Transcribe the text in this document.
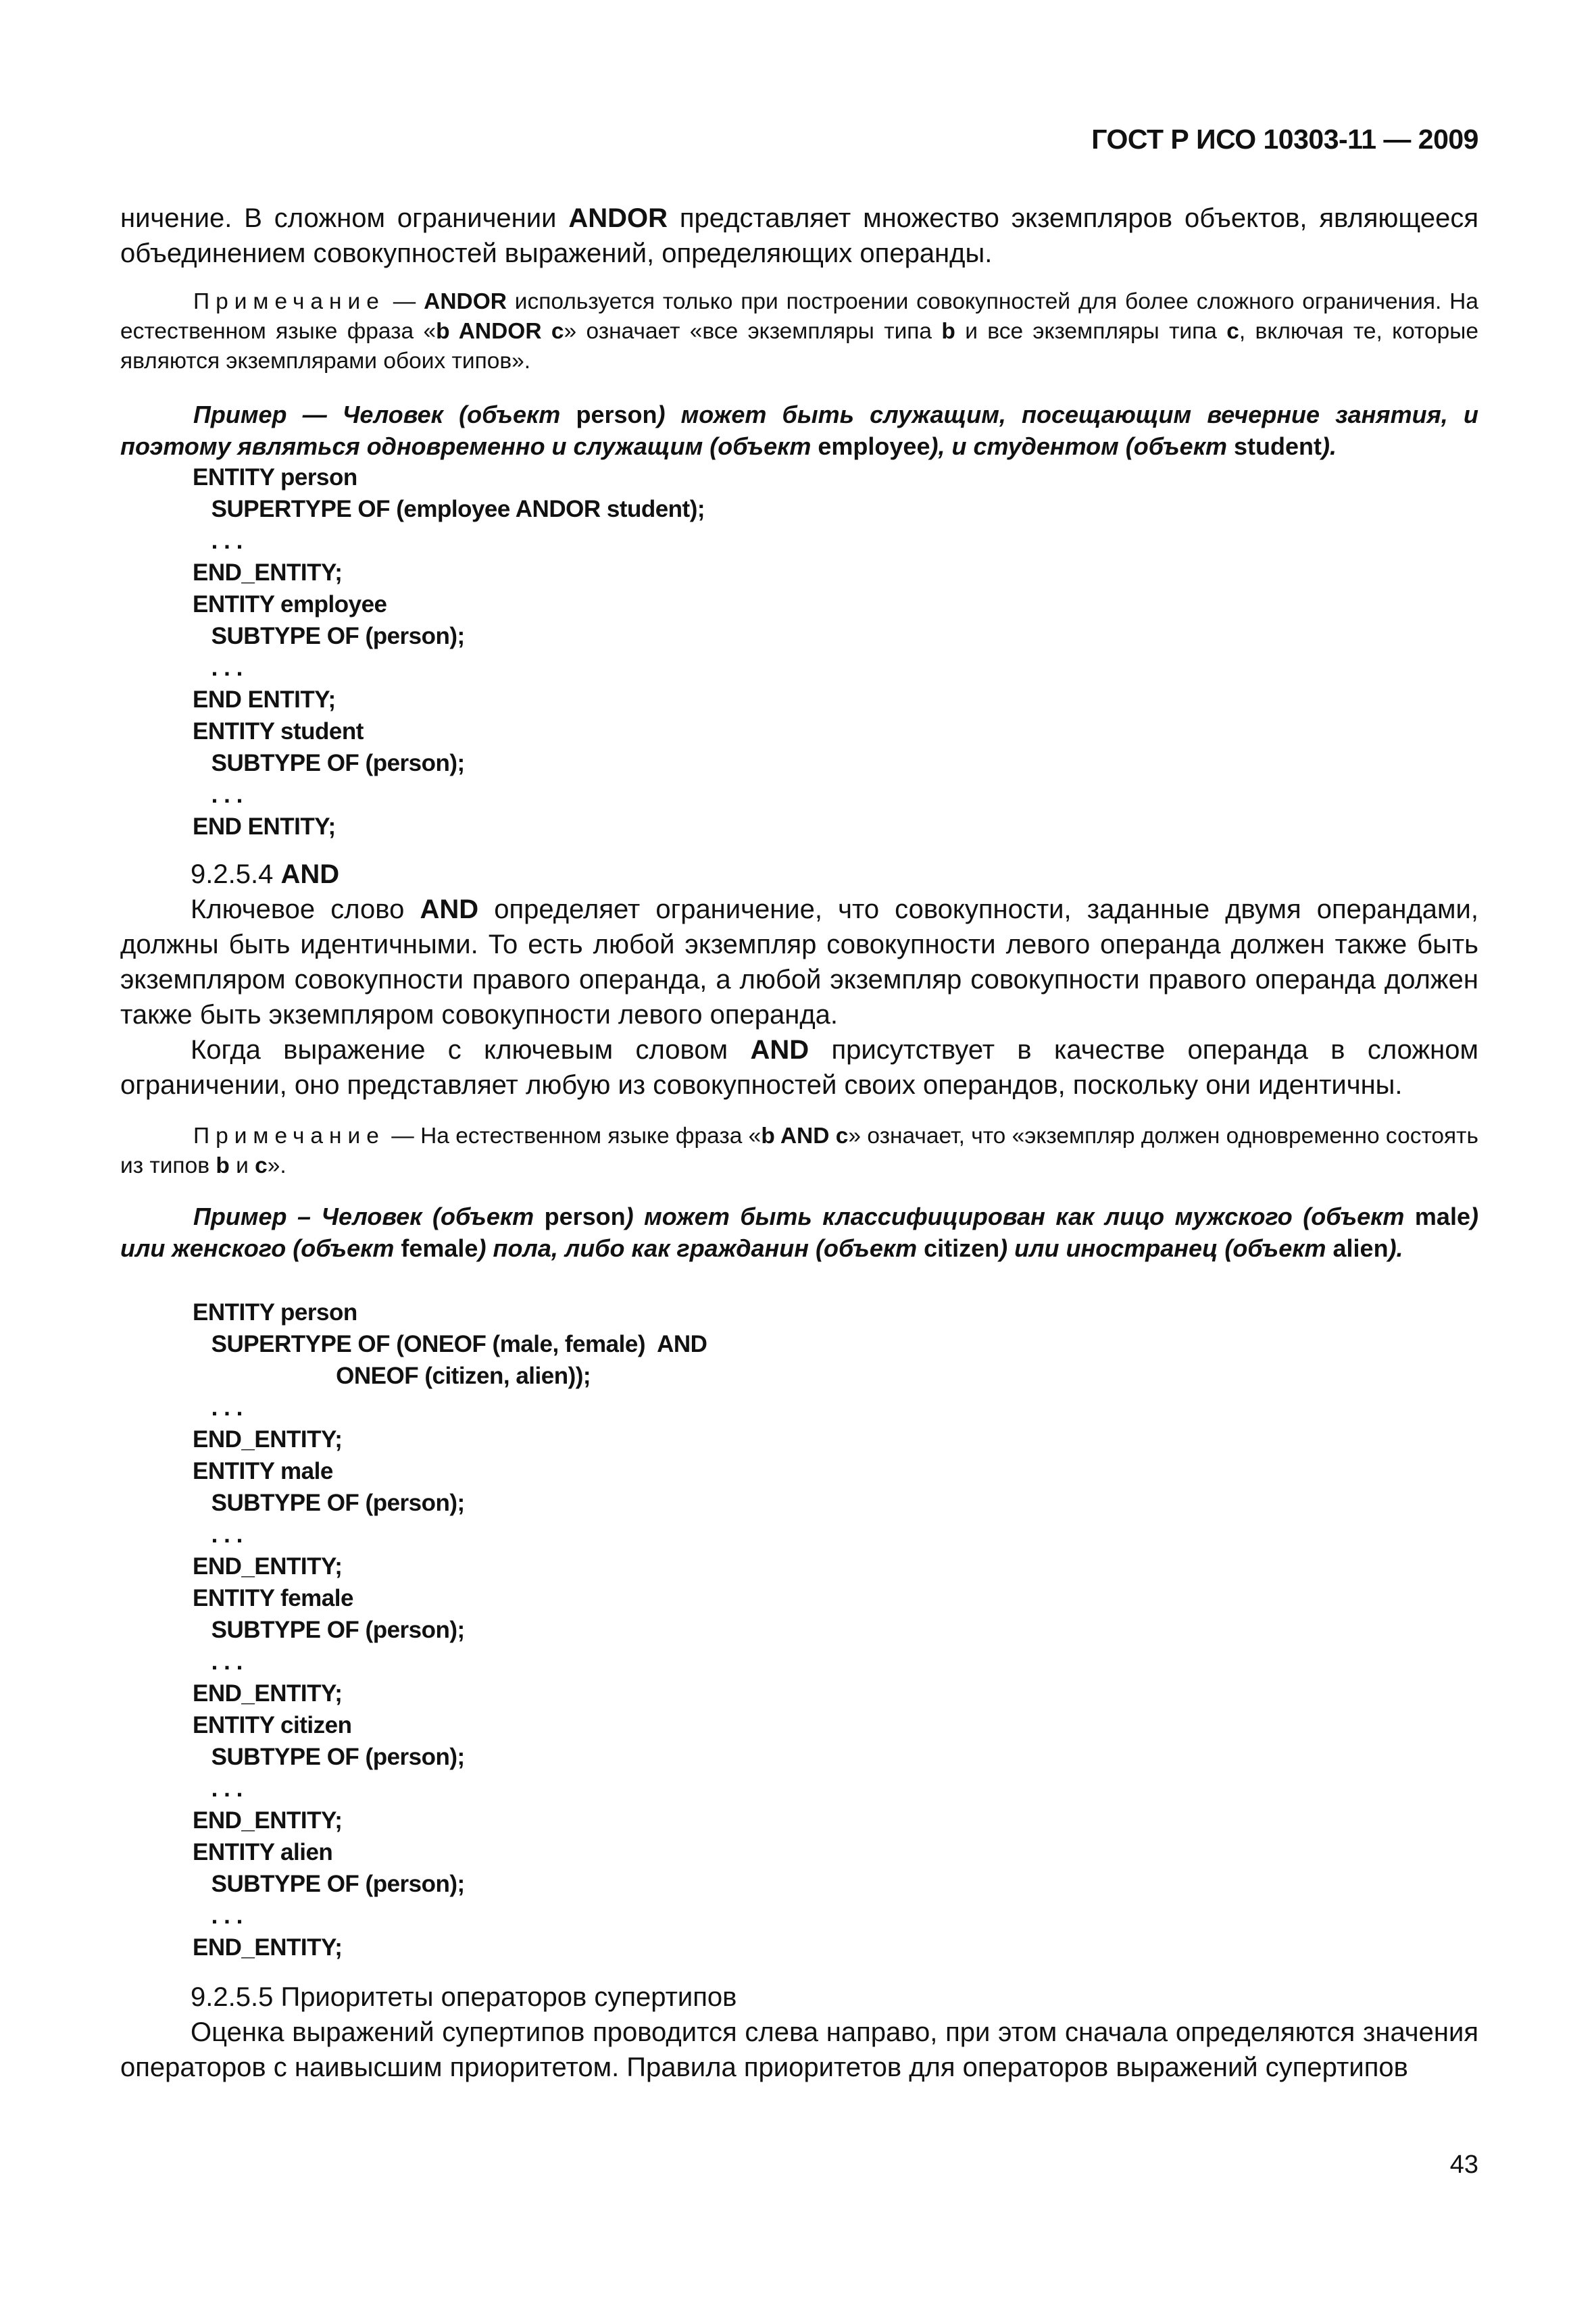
ГОСТ Р ИСО 10303-11 — 2009

ничение. В сложном ограничении ANDOR представляет множество экземпляров объектов, являющееся объединением совокупностей выражений, определяющих операнды.

Примечание — ANDOR используется только при построении совокупностей для более сложного ограничения. На естественном языке фраза «b ANDOR c» означает «все экземпляры типа b и все экземпляры типа c, включая те, которые являются экземплярами обоих типов».

Пример — Человек (объект person) может быть служащим, посещающим вечерние занятия, и поэтому являться одновременно и служащим (объект employee), и студентом (объект student).

ENTITY person
SUPERTYPE OF (employee ANDOR student);
. . .
END_ENTITY;
ENTITY employee
SUBTYPE OF (person);
. . .
END ENTITY;
ENTITY student
SUBTYPE OF (person);
. . .
END ENTITY;

9.2.5.4 AND

Ключевое слово AND определяет ограничение, что совокупности, заданные двумя операндами, должны быть идентичными. То есть любой экземпляр совокупности левого операнда должен также быть экземпляром совокупности правого операнда, а любой экземпляр совокупности правого операнда должен также быть экземпляром совокупности левого операнда.

Когда выражение с ключевым словом AND присутствует в качестве операнда в сложном ограничении, оно представляет любую из совокупностей своих операндов, поскольку они идентичны.

Примечание — На естественном языке фраза «b AND c» означает, что «экземпляр должен одновременно состоять из типов b и c».

Пример – Человек (объект person) может быть классифицирован как лицо мужского (объект male) или женского (объект female) пола, либо как гражданин (объект citizen) или иностранец (объект alien).

ENTITY person
SUPERTYPE OF (ONEOF (male, female)  AND
ONEOF (citizen, alien));
. . .
END_ENTITY;
ENTITY male
SUBTYPE OF (person);
. . .
END_ENTITY;
ENTITY female
SUBTYPE OF (person);
. . .
END_ENTITY;
ENTITY citizen
SUBTYPE OF (person);
. . .
END_ENTITY;
ENTITY alien
SUBTYPE OF (person);
. . .
END_ENTITY;

9.2.5.5 Приоритеты операторов супертипов

Оценка выражений супертипов проводится слева направо, при этом сначала определяются значения операторов с наивысшим приоритетом. Правила приоритетов для операторов выражений супертипов

43
